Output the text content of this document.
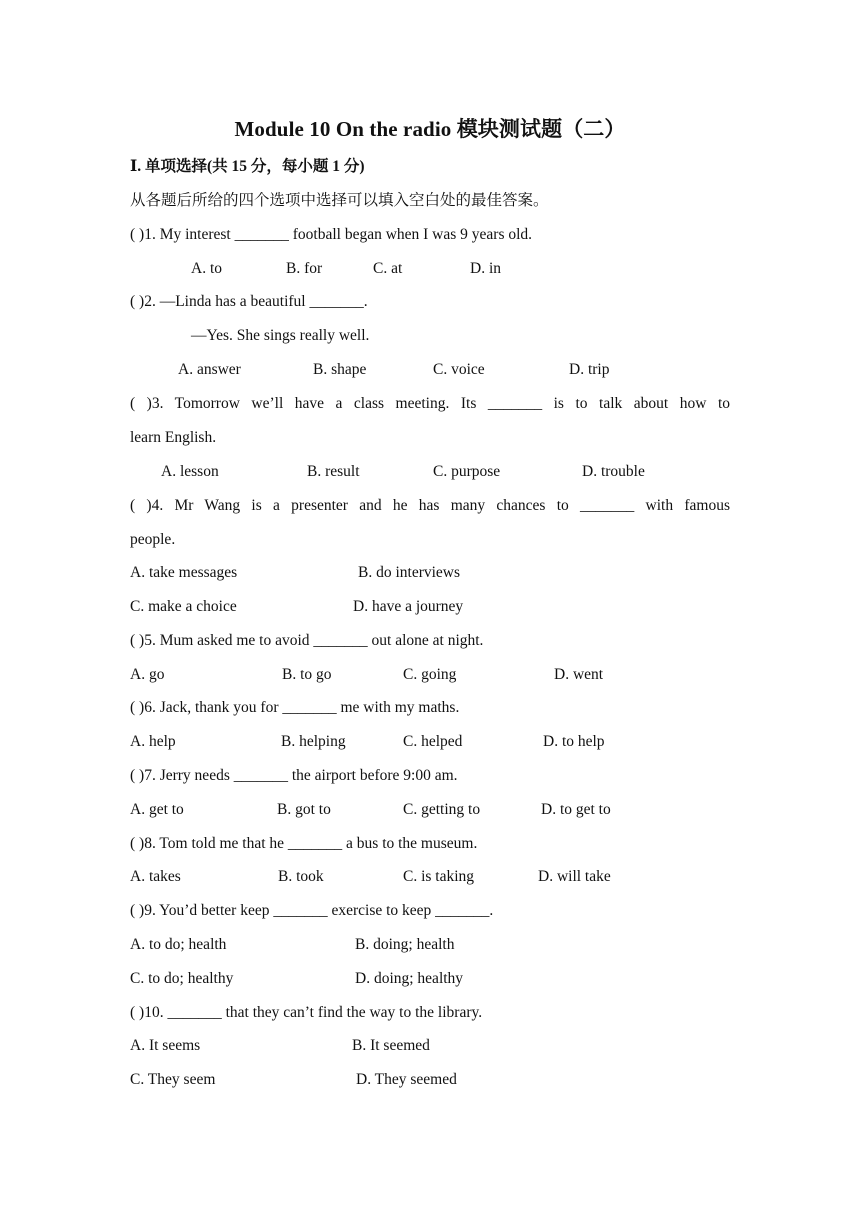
Module 10 On the radio 模块测试题（二）
Ⅰ. 单项选择(共 15 分，每小题 1 分)
从各题后所给的四个选项中选择可以填入空白处的最佳答案。
( )1. My interest _______ football began when I was 9 years old.
A. to	B. for	C. at	D. in
( )2. —Linda has a beautiful _______.
—Yes. She sings really well.
A. answer	B. shape	C. voice	D. trip
( )3. Tomorrow we’ll have a class meeting. Its _______ is to talk about how to
learn English.
A. lesson	B. result	C. purpose	D. trouble
( )4. Mr Wang is a presenter and he has many chances to _______ with famous
people.
A. take messages	B. do interviews
C. make a choice	D. have a journey
( )5. Mum asked me to avoid _______ out alone at night.
A. go	B. to go	C. going	D. went
( )6. Jack, thank you for _______ me with my maths.
A. help	B. helping	C. helped	D. to help
( )7. Jerry needs _______ the airport before 9:00 am.
A. get to	B. got to	C. getting to	D. to get to
( )8. Tom told me that he _______ a bus to the museum.
A. takes	B. took	C. is taking	D. will take
( )9. You’d better keep _______ exercise to keep _______.
A. to do; health	B. doing; health
C. to do; healthy	D. doing; healthy
( )10. _______ that they can’t find the way to the library.
A. It seems	B. It seemed
C. They seem	D. They seemed
